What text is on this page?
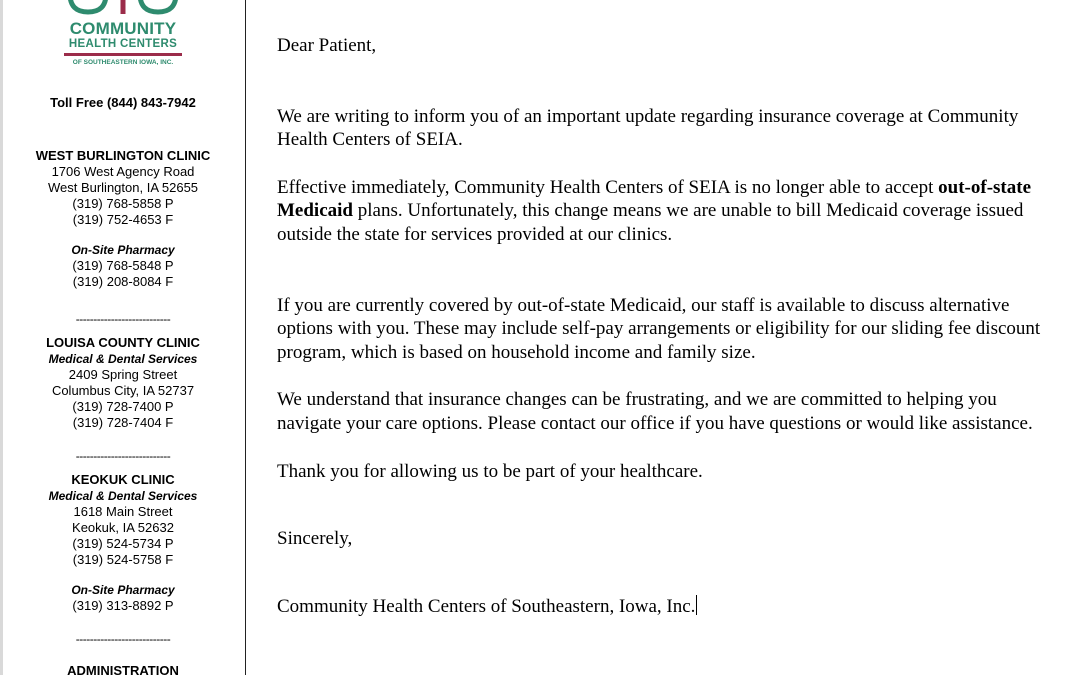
COMMUNITY
HEALTH CENTERS
OF SOUTHEASTERN IOWA, INC.
Toll Free (844) 843-7942
WEST BURLINGTON CLINIC
1706 West Agency Road
West Burlington, IA 52655
(319) 768-5858 P
(319) 752-4653 F
On-Site Pharmacy
(319) 768-5848 P
(319) 208-8084 F
---------------------------
LOUISA COUNTY CLINIC
Medical & Dental Services
2409 Spring Street
Columbus City, IA 52737
(319) 728-7400 P
(319) 728-7404 F
---------------------------
KEOKUK CLINIC
Medical & Dental Services
1618 Main Street
Keokuk, IA 52632
(319) 524-5734 P
(319) 524-5758 F
On-Site Pharmacy
(319) 313-8892 P
---------------------------
ADMINISTRATION

Dear Patient,

We are writing to inform you of an important update regarding insurance coverage at Community Health Centers of SEIA.

Effective immediately, Community Health Centers of SEIA is no longer able to accept out-of-state Medicaid plans. Unfortunately, this change means we are unable to bill Medicaid coverage issued outside the state for services provided at our clinics.

If you are currently covered by out-of-state Medicaid, our staff is available to discuss alternative options with you. These may include self-pay arrangements or eligibility for our sliding fee discount program, which is based on household income and family size.

We understand that insurance changes can be frustrating, and we are committed to helping you navigate your care options. Please contact our office if you have questions or would like assistance.

Thank you for allowing us to be part of your healthcare.

Sincerely,

Community Health Centers of Southeastern, Iowa, Inc.
